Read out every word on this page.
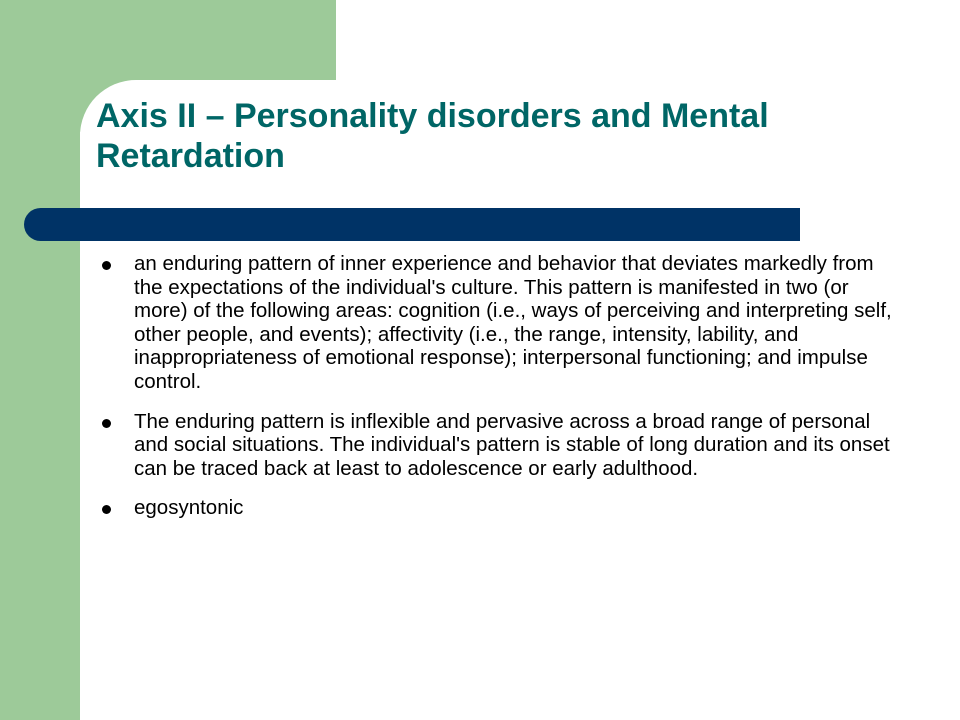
Axis II – Personality disorders and Mental Retardation
an enduring pattern of inner experience and behavior that deviates markedly from the expectations of the individual's culture. This pattern is manifested in two (or more) of the following areas: cognition (i.e., ways of perceiving and interpreting self, other people, and events); affectivity (i.e., the range, intensity, lability, and inappropriateness of emotional response); interpersonal functioning; and impulse control.
The enduring pattern is inflexible and pervasive across a broad range of personal and social situations. The individual's pattern is stable of long duration and its onset can be traced back at least to adolescence or early adulthood.
egosyntonic
